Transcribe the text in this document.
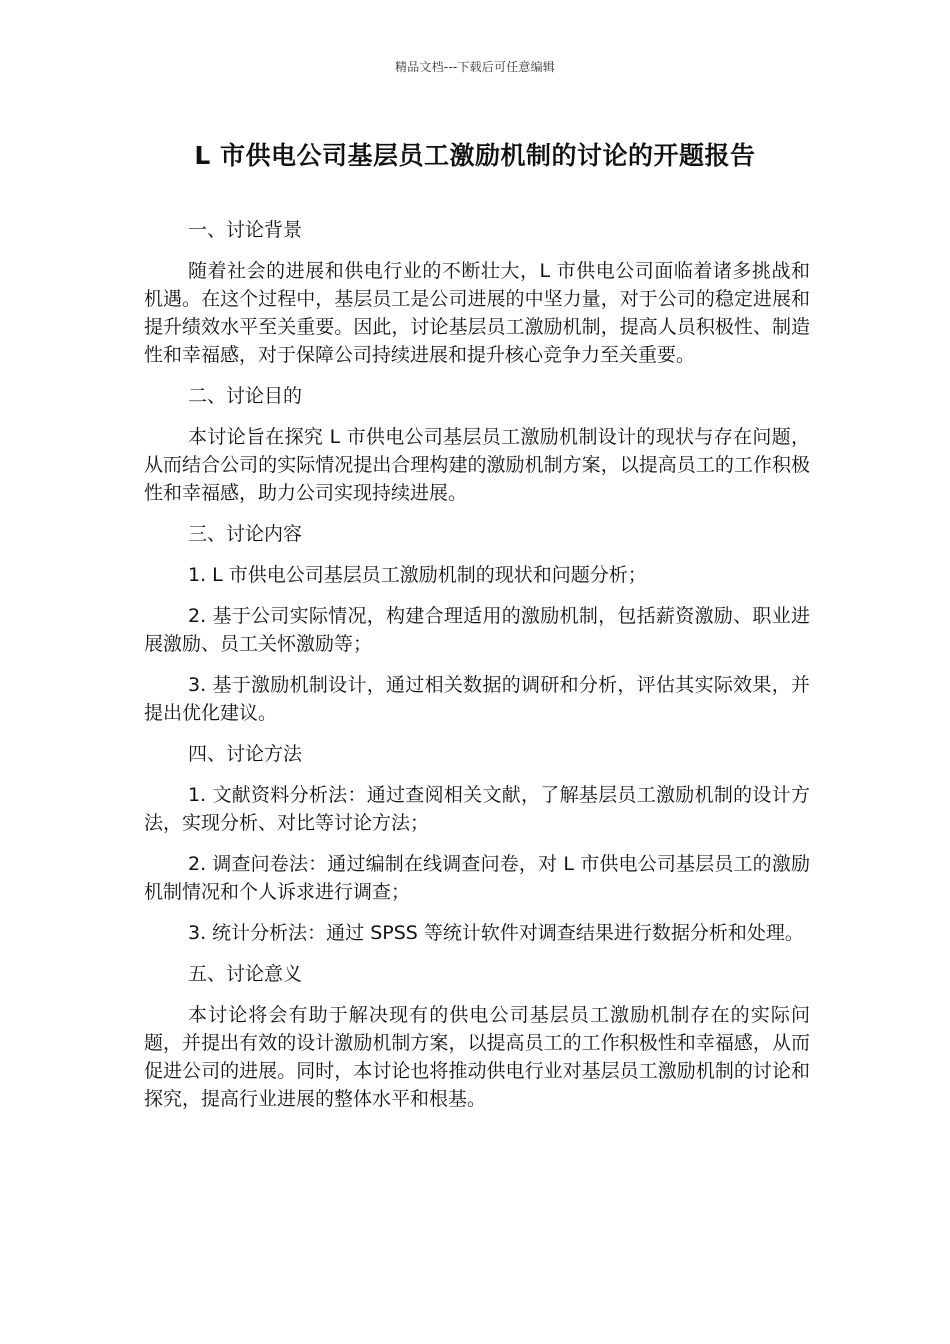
精品文档---下载后可任意编辑
L 市供电公司基层员工激励机制的讨论的开题报告
一、讨论背景
随着社会的进展和供电行业的不断壮大，L 市供电公司面临着诸多挑战和机遇。在这个过程中，基层员工是公司进展的中坚力量，对于公司的稳定进展和提升绩效水平至关重要。因此，讨论基层员工激励机制，提高人员积极性、制造性和幸福感，对于保障公司持续进展和提升核心竞争力至关重要。
二、讨论目的
本讨论旨在探究 L 市供电公司基层员工激励机制设计的现状与存在问题，从而结合公司的实际情况提出合理构建的激励机制方案，以提高员工的工作积极性和幸福感，助力公司实现持续进展。
三、讨论内容
1. L 市供电公司基层员工激励机制的现状和问题分析；
2. 基于公司实际情况，构建合理适用的激励机制，包括薪资激励、职业进展激励、员工关怀激励等；
3. 基于激励机制设计，通过相关数据的调研和分析，评估其实际效果，并提出优化建议。
四、讨论方法
1. 文献资料分析法：通过查阅相关文献，了解基层员工激励机制的设计方法，实现分析、对比等讨论方法；
2. 调查问卷法：通过编制在线调查问卷，对 L 市供电公司基层员工的激励机制情况和个人诉求进行调查；
3. 统计分析法：通过 SPSS 等统计软件对调查结果进行数据分析和处理。
五、讨论意义
本讨论将会有助于解决现有的供电公司基层员工激励机制存在的实际问题，并提出有效的设计激励机制方案，以提高员工的工作积极性和幸福感，从而促进公司的进展。同时，本讨论也将推动供电行业对基层员工激励机制的讨论和探究，提高行业进展的整体水平和根基。
